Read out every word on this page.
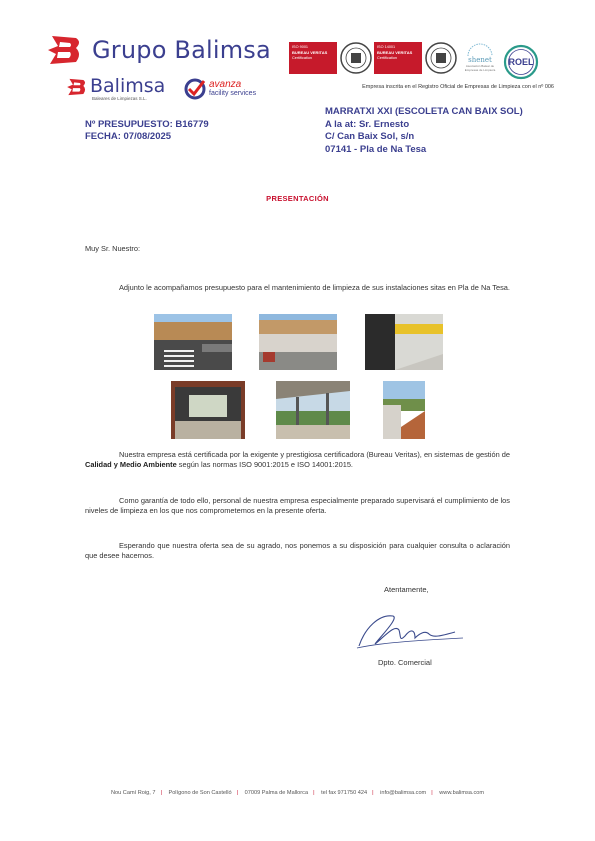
Grupo Balimsa
Balimsa
Baleares de Limpiezas S.L.
avanza
facility services
ISO 9001
BUREAU VERITAS
Certification
ISO 14001
BUREAU VERITAS
Certification	shenet
Asociación Balear de Empresas de Limpieza
ROEL
Empresa inscrita en el Registro Oficial de Empresas de Limpieza con el nº 006
Nº PRESUPUESTO: B16779
FECHA: 07/08/2025
MARRATXI XXI (ESCOLETA CAN BAIX SOL)
A la at: Sr. Ernesto
C/ Can Baix Sol, s/n
07141 - Pla de Na Tesa
PRESENTACIÓN
Muy Sr. Nuestro:
Adjunto le acompañamos presupuesto para el mantenimiento de limpieza de sus instalaciones sitas en Pla de Na Tesa.
Nuestra empresa está certificada por la exigente y prestigiosa certificadora (Bureau Veritas), en sistemas de gestión de Calidad y Medio Ambiente según las normas ISO 9001:2015 e ISO 14001:2015.
Como garantía de todo ello, personal de nuestra empresa especialmente preparado supervisará el cumplimiento de los niveles de limpieza en los que nos comprometemos en la presente oferta.
Esperando que nuestra oferta sea de su agrado, nos ponemos a su disposición para cualquier consulta o aclaración que desee hacernos.
Atentamente,
Dpto. Comercial
Nou Camí Roig, 7 | Polígono de Son Castelló | 07009 Palma de Mallorca | tel fax 971750 424 | info@balimsa.com | www.balimsa.com
